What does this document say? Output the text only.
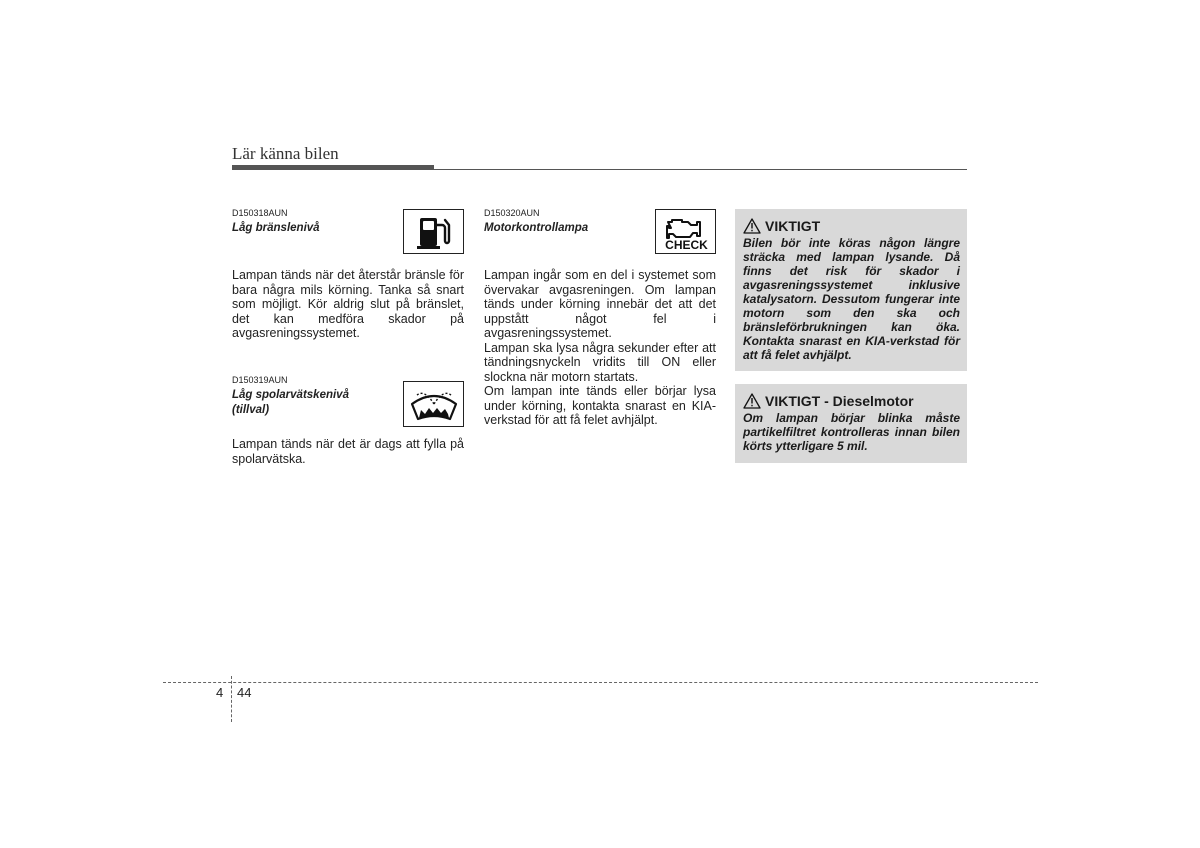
Lär känna bilen
D150318AUN
Låg bränslenivå
Lampan tänds när det återstår bränsle för bara några mils körning. Tanka så snart som möjligt. Kör aldrig slut på bränslet, det kan medföra skador på avgasreningssystemet.
D150319AUN
Låg spolarvätskenivå
(tillval)
Lampan tänds när det är dags att fylla på spolarvätska.
D150320AUN
Motorkontrollampa
CHECK
Lampan ingår som en del i systemet som övervakar avgasreningen. Om lampan tänds under körning innebär det att det uppstått något fel i avgasreningssystemet.
Lampan ska lysa några sekunder efter att tändningsnyckeln vridits till ON eller slockna när motorn startats.
Om lampan inte tänds eller börjar lysa under körning, kontakta snarast en KIA-verkstad för att få felet avhjälpt.
VIKTIGT
Bilen bör inte köras någon längre sträcka med lampan lysande. Då finns det risk för skador i avgasreningssystemet inklusive katalysatorn. Dessutom fungerar inte motorn som den ska och bränsleförbrukningen kan öka. Kontakta snarast en KIA-verkstad för att få felet avhjälpt.
VIKTIGT - Dieselmotor
Om lampan börjar blinka måste partikelfiltret kontrolleras innan bilen körts ytterligare 5 mil.
4 44
